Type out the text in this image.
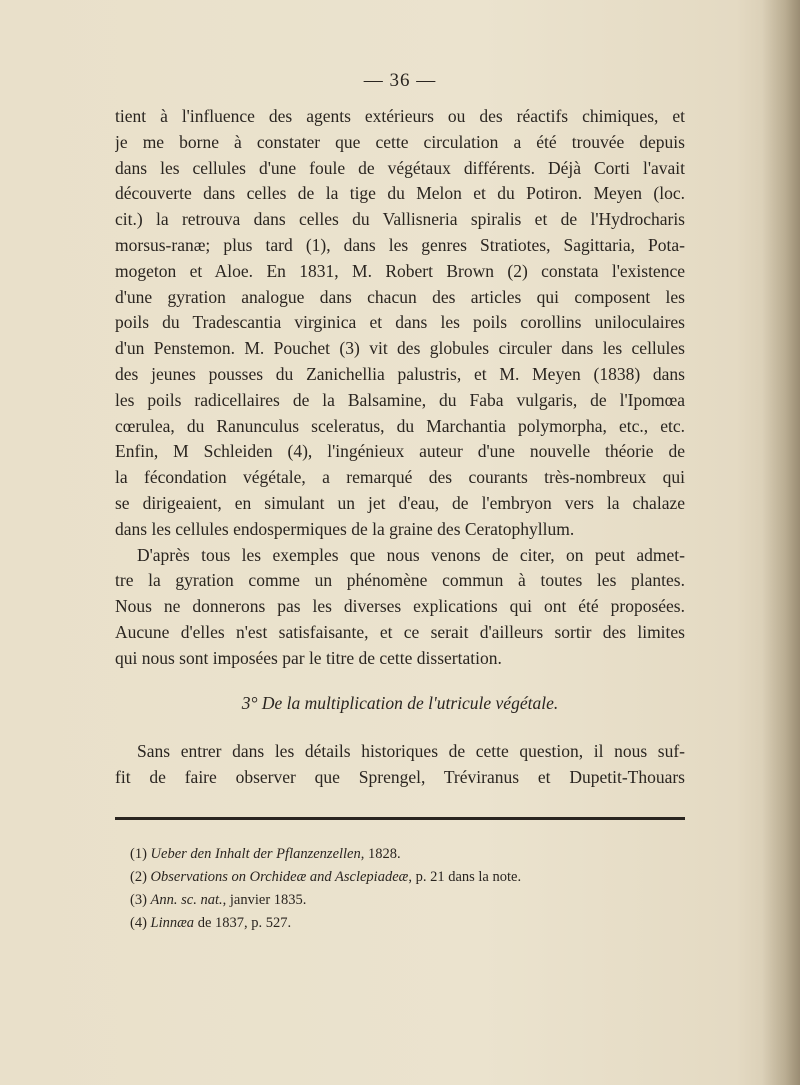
— 36 —
tient à l'influence des agents extérieurs ou des réactifs chimiques, et
je me borne à constater que cette circulation a été trouvée depuis
dans les cellules d'une foule de végétaux différents. Déjà Corti l'avait
découverte dans celles de la tige du Melon et du Potiron. Meyen (loc.
cit.) la retrouva dans celles du Vallisneria spiralis et de l'Hydrocharis
morsus-ranæ; plus tard (1), dans les genres Stratiotes, Sagittaria, Pota-
mogeton et Aloe. En 1831, M. Robert Brown (2) constata l'existence
d'une gyration analogue dans chacun des articles qui composent les
poils du Tradescantia virginica et dans les poils corollins uniloculaires
d'un Penstemon. M. Pouchet (3) vit des globules circuler dans les cellules
des jeunes pousses du Zanichellia palustris, et M. Meyen (1838) dans
les poils radicellaires de la Balsamine, du Faba vulgaris, de l'Ipomœa
cœrulea, du Ranunculus sceleratus, du Marchantia polymorpha, etc., etc.
Enfin, M Schleiden (4), l'ingénieux auteur d'une nouvelle théorie de
la fécondation végétale, a remarqué des courants très-nombreux qui
se dirigeaient, en simulant un jet d'eau, de l'embryon vers la chalaze
dans les cellules endospermiques de la graine des Ceratophyllum.
D'après tous les exemples que nous venons de citer, on peut admet-
tre la gyration comme un phénomène commun à toutes les plantes.
Nous ne donnerons pas les diverses explications qui ont été proposées.
Aucune d'elles n'est satisfaisante, et ce serait d'ailleurs sortir des limites
qui nous sont imposées par le titre de cette dissertation.
3° De la multiplication de l'utricule végétale.
Sans entrer dans les détails historiques de cette question, il nous suf-
fit de faire observer que Sprengel, Tréviranus et Dupetit-Thouars
(1) Ueber den Inhalt der Pflanzenzellen, 1828.
(2) Observations on Orchideæ and Asclepiadeæ, p. 21 dans la note.
(3) Ann. sc. nat., janvier 1835.
(4) Linnæa de 1837, p. 527.
